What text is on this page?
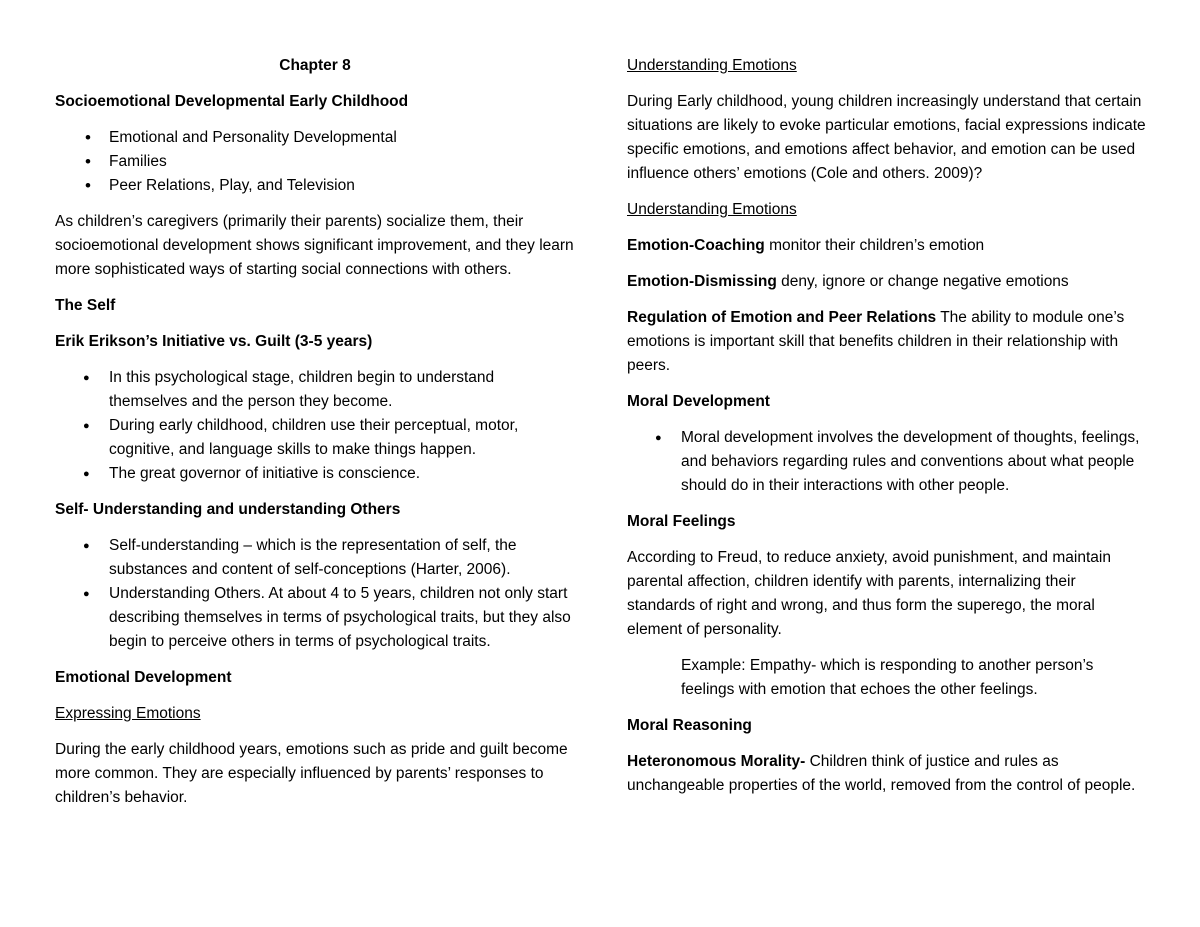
Chapter 8

Socioemotional Developmental Early Childhood

• Emotional and Personality Developmental
• Families
• Peer Relations, Play, and Television

As children’s caregivers (primarily their parents) socialize them, their socioemotional development shows significant improvement, and they learn more sophisticated ways of starting social connections with others.

The Self

Erik Erikson’s Initiative vs. Guilt (3-5 years)

● In this psychological stage, children begin to understand themselves and the person they become.
● During early childhood, children use their perceptual, motor, cognitive, and language skills to make things happen.
● The great governor of initiative is conscience.

Self- Understanding and understanding Others

● Self-understanding – which is the representation of self, the substances and content of self-conceptions (Harter, 2006).
● Understanding Others. At about 4 to 5 years, children not only start describing themselves in terms of psychological traits, but they also begin to perceive others in terms of psychological traits.

Emotional Development

Expressing Emotions

During the early childhood years, emotions such as pride and guilt become more common. They are especially influenced by parents’ responses to children’s behavior.

Understanding Emotions

During Early childhood, young children increasingly understand that certain situations are likely to evoke particular emotions, facial expressions indicate specific emotions, and emotions affect behavior, and emotion can be used influence others’ emotions (Cole and others. 2009)?

Understanding Emotions

Emotion-Coaching monitor their children’s emotion

Emotion-Dismissing deny, ignore or change negative emotions

Regulation of Emotion and Peer Relations The ability to module one’s emotions is important skill that benefits children in their relationship with peers.

Moral Development

● Moral development involves the development of thoughts, feelings, and behaviors regarding rules and conventions about what people should do in their interactions with other people.

Moral Feelings

According to Freud, to reduce anxiety, avoid punishment, and maintain parental affection, children identify with parents, internalizing their standards of right and wrong, and thus form the superego, the moral element of personality.

Example: Empathy- which is responding to another person’s feelings with emotion that echoes the other feelings.

Moral Reasoning

Heteronomous Morality- Children think of justice and rules as unchangeable properties of the world, removed from the control of people.
